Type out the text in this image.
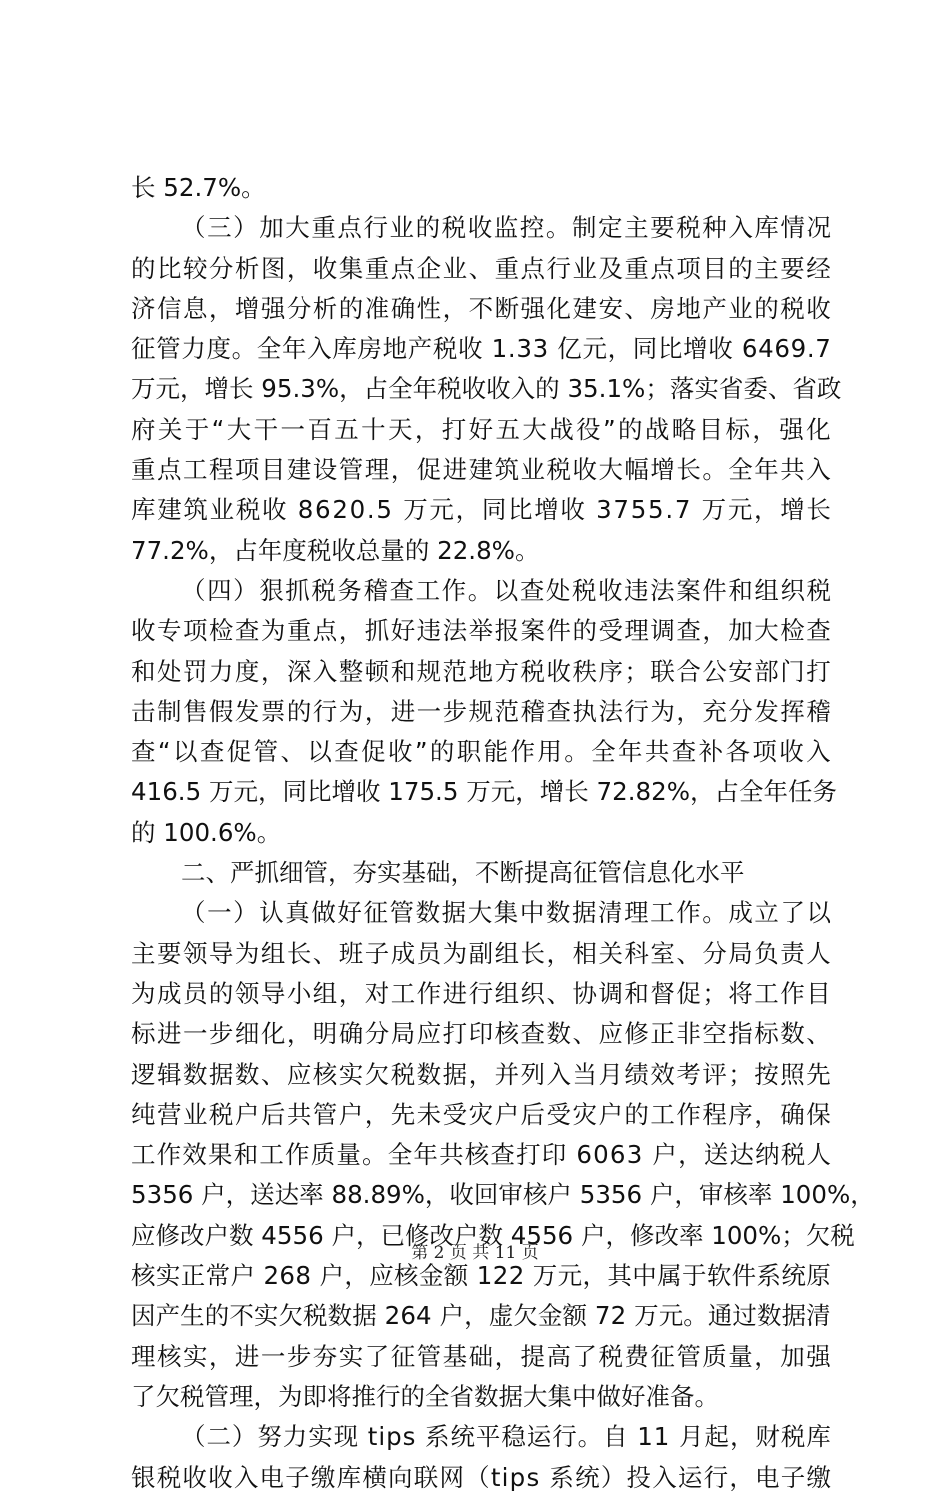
长 52.7%。
（ 三 ） 加 大 重 点 行 业 的 税 收 监 控 。 制 定 主 要 税 种 入 库 情 况
的 比 较 分 析 图 ， 收 集 重 点 企 业 、 重 点 行 业 及 重 点 项 目 的 主 要 经
济 信 息 ， 增 强 分 析 的 准 确 性 ， 不 断 强 化 建 安 、 房 地 产 业 的 税 收
征 管 力 度 。 全 年 入 库 房 地 产 税 收
1 . 3 3
亿 元 ， 同 比 增 收
6 4 6 9 . 7
万 元 ， 增 长
9 5 . 3 % ， 占 全 年 税 收 收 入 的
3 5 . 1 % ； 落 实 省 委 、 省 政
府 关 于 “ 大 干 一 百 五 十 天 ， 打 好 五 大 战 役 ” 的 战 略 目 标 ， 强 化
重 点 工 程 项 目 建 设 管 理 ， 促 进 建 筑 业 税 收 大 幅 增 长 。 全 年 共 入
库 建 筑 业 税 收
8 6 2 0 . 5
万 元 ， 同 比 增 收
3 7 5 5 . 7
万 元 ， 增 长
77.2%，占年度税收总量的 22.8%。
（ 四 ） 狠 抓 税 务 稽 查 工 作 。 以 查 处 税 收 违 法 案 件 和 组 织 税
收 专 项 检 查 为 重 点 ， 抓 好 违 法 举 报 案 件 的 受 理 调 查 ， 加 大 检 查
和 处 罚 力 度 ， 深 入 整 顿 和 规 范 地 方 税 收 秩 序 ； 联 合 公 安 部 门 打
击 制 售 假 发 票 的 行 为 ， 进 一 步 规 范 稽 查 执 法 行 为 ， 充 分 发 挥 稽
查 “ 以 查 促 管 、 以 查 促 收 ” 的 职 能 作 用 。 全 年 共 查 补 各 项 收 入
4 1 6 . 5
万 元 ， 同 比 增 收
1 7 5 . 5
万 元 ， 增 长
7 2 . 8 2 % ， 占 全 年 任 务
的 100.6%。
二、严抓细管，夯实基础，不断提高征管信息化水平
（ 一 ） 认 真 做 好 征 管 数 据 大 集 中 数 据 清 理 工 作 。 成 立 了 以
主 要 领 导 为 组 长 、 班 子 成 员 为 副 组 长 ， 相 关 科 室 、 分 局 负 责 人
为 成 员 的 领 导 小 组 ， 对 工 作 进 行 组 织 、 协 调 和 督 促 ； 将 工 作 目
标 进 一 步 细 化 ， 明 确 分 局 应 打 印 核 查 数 、 应 修 正 非 空 指 标 数 、
逻 辑 数 据 数 、 应 核 实 欠 税 数 据 ， 并 列 入 当 月 绩 效 考 评 ； 按 照 先
纯 营 业 税 户 后 共 管 户 ， 先 未 受 灾 户 后 受 灾 户 的 工 作 程 序 ， 确 保
工 作 效 果 和 工 作 质 量 。 全 年 共 核 查 打 印
6 0 6 3
户 ， 送 达 纳 税 人
5 3 5 6
户 ， 送 达 率
8 8 . 8 9 % ， 收 回 审 核 户
5 3 5 6
户 ， 审 核 率
1 0 0 % ，
应 修 改 户 数
4 5 5 6
户 ， 已 修 改 户 数
4 5 5 6
户 ， 修 改 率
1 0 0 % ； 欠 税
核 实 正 常 户
2 6 8
户 ， 应 核 金 额
1 2 2
万 元 ， 其 中 属 于 软 件 系 统 原
因 产 生 的 不 实 欠 税 数 据
2 6 4
户 ， 虚 欠 金 额
7 2
万 元 。 通 过 数 据 清
理 核 实 ， 进 一 步 夯 实 了 征 管 基 础 ， 提 高 了 税 费 征 管 质 量 ， 加 强
了欠税管理，为即将推行的全省数据大集中做好准备。
（ 二 ） 努 力 实 现
t i p s
系 统 平 稳 运 行 。 自
1 1
月 起 ， 财 税 库
银 税 收 收 入 电 子 缴 库 横 向 联 网 （ t i p s
系 统 ） 投 入 运 行 ， 电 子 缴
第 2 页 共 11 页
